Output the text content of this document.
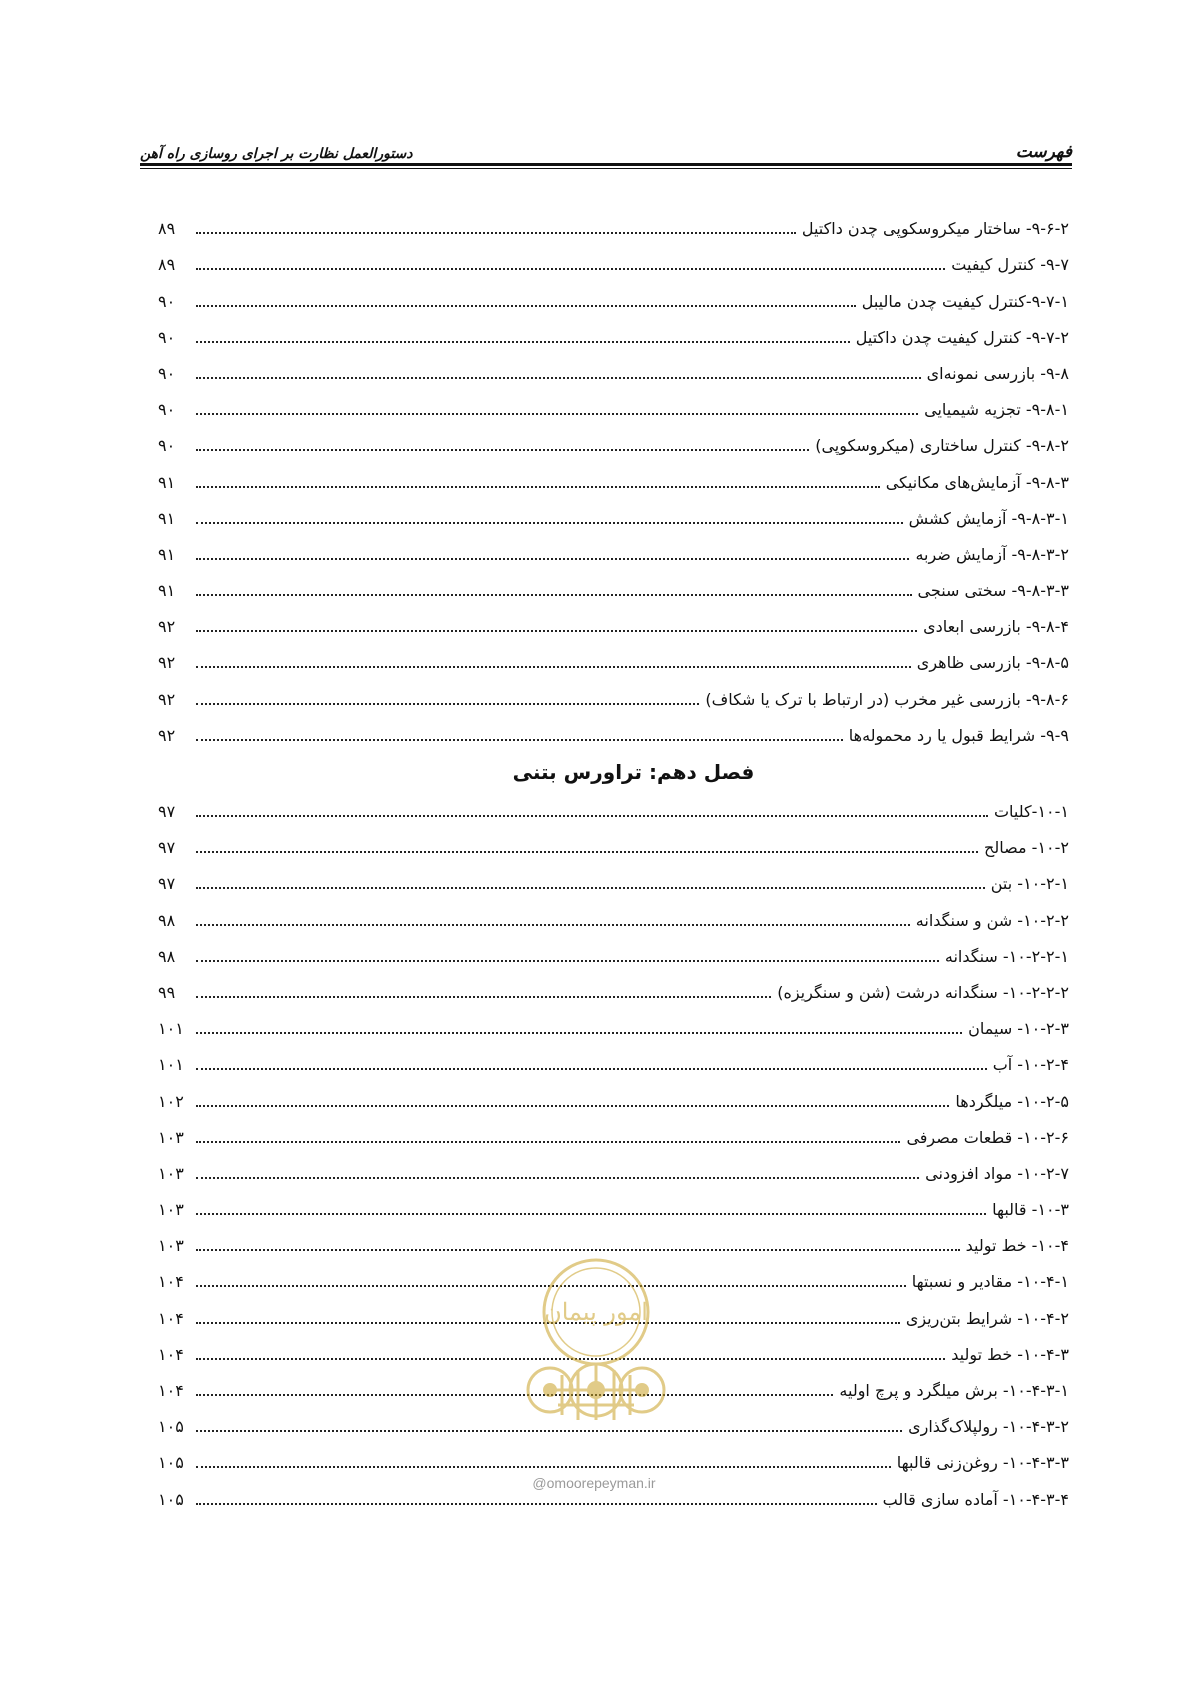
فهرست
دستورالعمل نظارت بر اجرای روسازی راه آهن
۹-۶-۲- ساختار میکروسکوپی چدن داکتیل
۸۹
۹-۷- کنترل کیفیت
۸۹
۹-۷-۱-کنترل کیفیت چدن مالیبل
۹۰
۹-۷-۲- کنترل کیفیت چدن داکتیل
۹۰
۹-۸- بازرسی نمونه‌ای
۹۰
۹-۸-۱- تجزیه شیمیایی
۹۰
۹-۸-۲- کنترل ساختاری (میکروسکوپی)
۹۰
۹-۸-۳- آزمایش‌های مکانیکی
۹۱
۹-۸-۳-۱- آزمایش کشش
۹۱
۹-۸-۳-۲- آزمایش ضربه
۹۱
۹-۸-۳-۳- سختی سنجی
۹۱
۹-۸-۴- بازرسی ابعادی
۹۲
۹-۸-۵- بازرسی ظاهری
۹۲
۹-۸-۶- بازرسی غیر مخرب (در ارتباط با ترک یا شکاف)
۹۲
۹-۹- شرایط قبول یا رد محموله‌ها
۹۲
فصل دهم: تراورس بتنی
۱۰-۱-کلیات
۹۷
۱۰-۲- مصالح
۹۷
۱۰-۲-۱- بتن
۹۷
۱۰-۲-۲- شن و سنگدانه
۹۸
۱۰-۲-۲-۱- سنگدانه
۹۸
۱۰-۲-۲-۲- سنگدانه درشت (شن و سنگریزه)
۹۹
۱۰-۲-۳- سیمان
۱۰۱
۱۰-۲-۴- آب
۱۰۱
۱۰-۲-۵- میلگردها
۱۰۲
۱۰-۲-۶- قطعات مصرفی
۱۰۳
۱۰-۲-۷- مواد افزودنی
۱۰۳
۱۰-۳- قالبها
۱۰۳
۱۰-۴- خط تولید
۱۰۳
۱۰-۴-۱- مقادیر و نسبتها
۱۰۴
۱۰-۴-۲- شرایط بتن‌ریزی
۱۰۴
۱۰-۴-۳- خط تولید
۱۰۴
۱۰-۴-۳-۱- برش میلگرد و پرچ اولیه
۱۰۴
۱۰-۴-۳-۲- رولپلاک‌گذاری
۱۰۵
۱۰-۴-۳-۳- روغن‌زنی قالبها
۱۰۵
۱۰-۴-۳-۴- آماده سازی قالب
۱۰۵
امور پیمان
@omoorepeyman.ir
